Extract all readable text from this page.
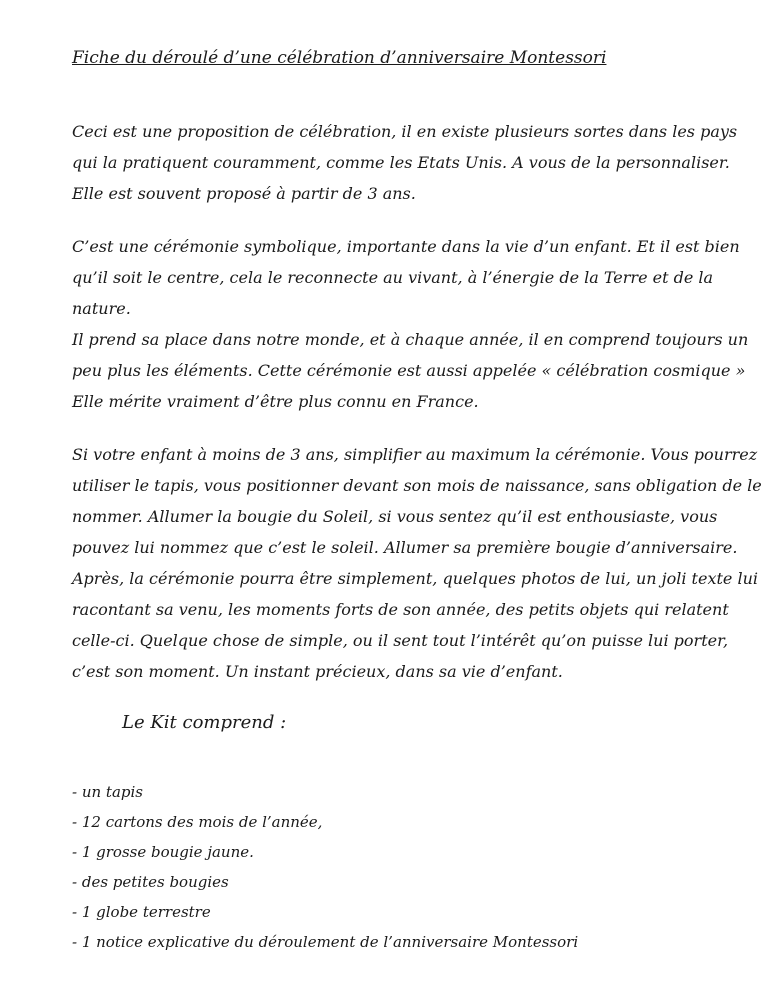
Fiche du déroulé d’une célébration d’anniversaire Montessori

Ceci est une proposition de célébration, il en existe plusieurs sortes dans les pays qui la pratiquent couramment, comme les Etats Unis. A vous de la personnaliser. Elle est souvent proposé à partir de 3 ans.

C’est une cérémonie symbolique, importante dans la vie d’un enfant. Et il est bien qu’il soit le centre, cela le reconnecte au vivant, à l’énergie de la Terre et de la nature.

Il prend sa place dans notre monde, et à chaque année, il en comprend toujours un peu plus les éléments. Cette cérémonie est aussi appelée « célébration cosmique » Elle mérite vraiment d’être plus connu en France.

Si votre enfant à moins de 3 ans, simplifier au maximum la cérémonie. Vous pourrez utiliser le tapis, vous positionner devant son mois de naissance, sans obligation de le nommer. Allumer la bougie du Soleil, si vous sentez qu’il est enthousiaste, vous pouvez lui nommez que c’est le soleil. Allumer sa première bougie d’anniversaire.

Après, la cérémonie pourra être simplement, quelques photos de lui, un joli texte lui racontant sa venu, les moments forts de son année, des petits objets qui relatent celle-ci. Quelque chose de simple, ou il sent tout l’intérêt qu’on puisse lui porter, c’est son moment. Un instant précieux, dans sa vie d’enfant.

Le Kit comprend :
- un tapis
- 12 cartons des mois de l’année,
- 1 grosse bougie jaune.
- des petites bougies
- 1 globe terrestre
- 1 notice explicative du déroulement de l’anniversaire Montessori
